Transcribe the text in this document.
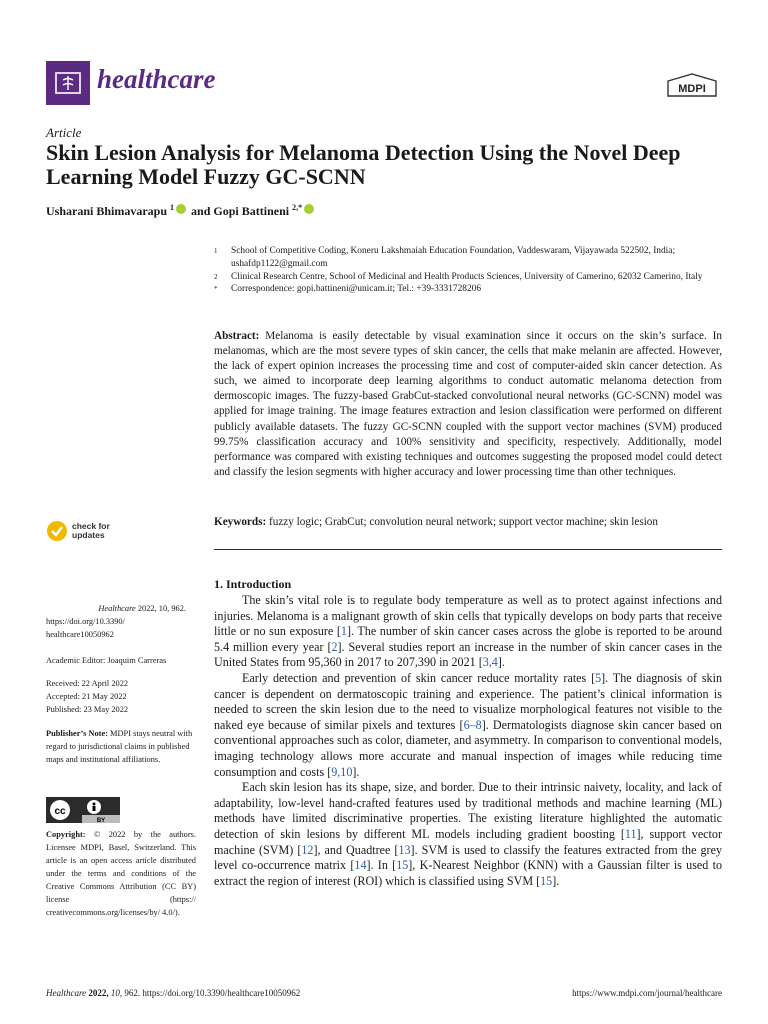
healthcare	MDPI
Article
Skin Lesion Analysis for Melanoma Detection Using the Novel Deep Learning Model Fuzzy GC-SCNN
Usharani Bhimavarapu $^1$ and Gopi Battineni $^{2,*}$
1	School of Competitive Coding, Koneru Lakshmaiah Education Foundation, Vaddeswaram, Vijayawada 522502, India; ushafdp1122@gmail.com
2	Clinical Research Centre, School of Medicinal and Health Products Sciences, University of Camerino, 62032 Camerino, Italy
*	Correspondence: gopi.battineni@unicam.it; Tel.: +39-3331728206
Abstract: Melanoma is easily detectable by visual examination since it occurs on the skin’s surface. In melanomas, which are the most severe types of skin cancer, the cells that make melanin are affected. However, the lack of expert opinion increases the processing time and cost of computer-aided skin cancer detection. As such, we aimed to incorporate deep learning algorithms to conduct automatic melanoma detection from dermoscopic images. The fuzzy-based GrabCut-stacked convolutional neural networks (GC-SCNN) model was applied for image training. The image features extraction and lesion classification were performed on different publicly available datasets. The fuzzy GC-SCNN coupled with the support vector machines (SVM) produced 99.75% classification accuracy and 100% sensitivity and specificity, respectively. Additionally, model performance was compared with existing techniques and outcomes suggesting the proposed model could detect and classify the lesion segments with higher accuracy and lower processing time than other techniques.
Keywords: fuzzy logic; GrabCut; convolution neural network; support vector machine; skin lesion
check for
updates
Healthcare 2022, 10, 962.
https://doi.org/10.3390/
healthcare10050962
Academic Editor: Joaquim Carreras
Received: 22 April 2022
Accepted: 21 May 2022
Published: 23 May 2022
Publisher’s Note: MDPI stays neutral with regard to jurisdictional claims in published maps and institutional affiliations.
cc
BY
Copyright: © 2022 by the authors. Licensee MDPI, Basel, Switzerland. This article is an open access article distributed under the terms and conditions of the Creative Commons Attribution (CC BY) license (https:// creativecommons.org/licenses/by/ 4.0/).
1. Introduction

The skin’s vital role is to regulate body temperature as well as to protect against infections and injuries. Melanoma is a malignant growth of skin cells that typically develops on body parts that receive little or no sun exposure [1]. The number of skin cancer cases across the globe is reported to be around 5.4 million every year [2]. Several studies report an increase in the number of skin cancer cases in the United States from 95,360 in 2017 to 207,390 in 2021 [3,4].

Early detection and prevention of skin cancer reduce mortality rates [5]. The diagnosis of skin cancer is dependent on dermatoscopic training and experience. The patient’s clinical information is needed to screen the skin lesion due to the need to visualize morphological features not visible to the naked eye because of similar pixels and textures [6–8]. Dermatologists diagnose skin cancer based on conventional approaches such as color, diameter, and asymmetry. In comparison to conventional models, imaging technology allows more accurate and manual inspection of images while reducing time consumption and costs [9,10].

Each skin lesion has its shape, size, and border. Due to their intrinsic naivety, locality, and lack of adaptability, low-level hand-crafted features used by traditional methods and machine learning (ML) methods have limited discriminative properties. The existing literature highlighted the automatic detection of skin lesions by different ML models including gradient boosting [11], support vector machine (SVM) [12], and Quadtree [13]. SVM is used to classify the features extracted from the grey level co-occurrence matrix [14]. In [15], K-Nearest Neighbor (KNN) with a Gaussian filter is used to extract the region of interest (ROI) which is classified using SVM [15].

Healthcare 2022, 10, 962. https://doi.org/10.3390/healthcare10050962	https://www.mdpi.com/journal/healthcare
